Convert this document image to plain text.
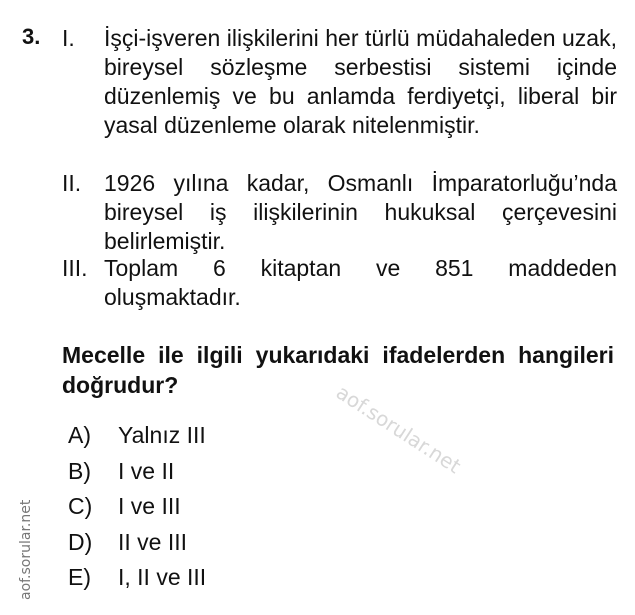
3. I. İşçi-işveren ilişkilerini her türlü müdahaleden uzak, bireysel sözleşme serbestisi sistemi içinde düzenlemiş ve bu anlamda ferdiyetçi, liberal bir yasal düzenleme olarak nitelenmiştir.
II. 1926 yılına kadar, Osmanlı İmparatorluğu’nda bireysel iş ilişkilerinin hukuksal çerçevesini belirlemiştir.
III. Toplam 6 kitaptan ve 851 maddeden oluşmaktadır.
Mecelle ile ilgili yukarıdaki ifadelerden hangileri doğrudur?
A) Yalnız III
B) I ve II
C) I ve III
D) II ve III
E) I, II ve III
aof.sorular.net
aof.sorular.net
